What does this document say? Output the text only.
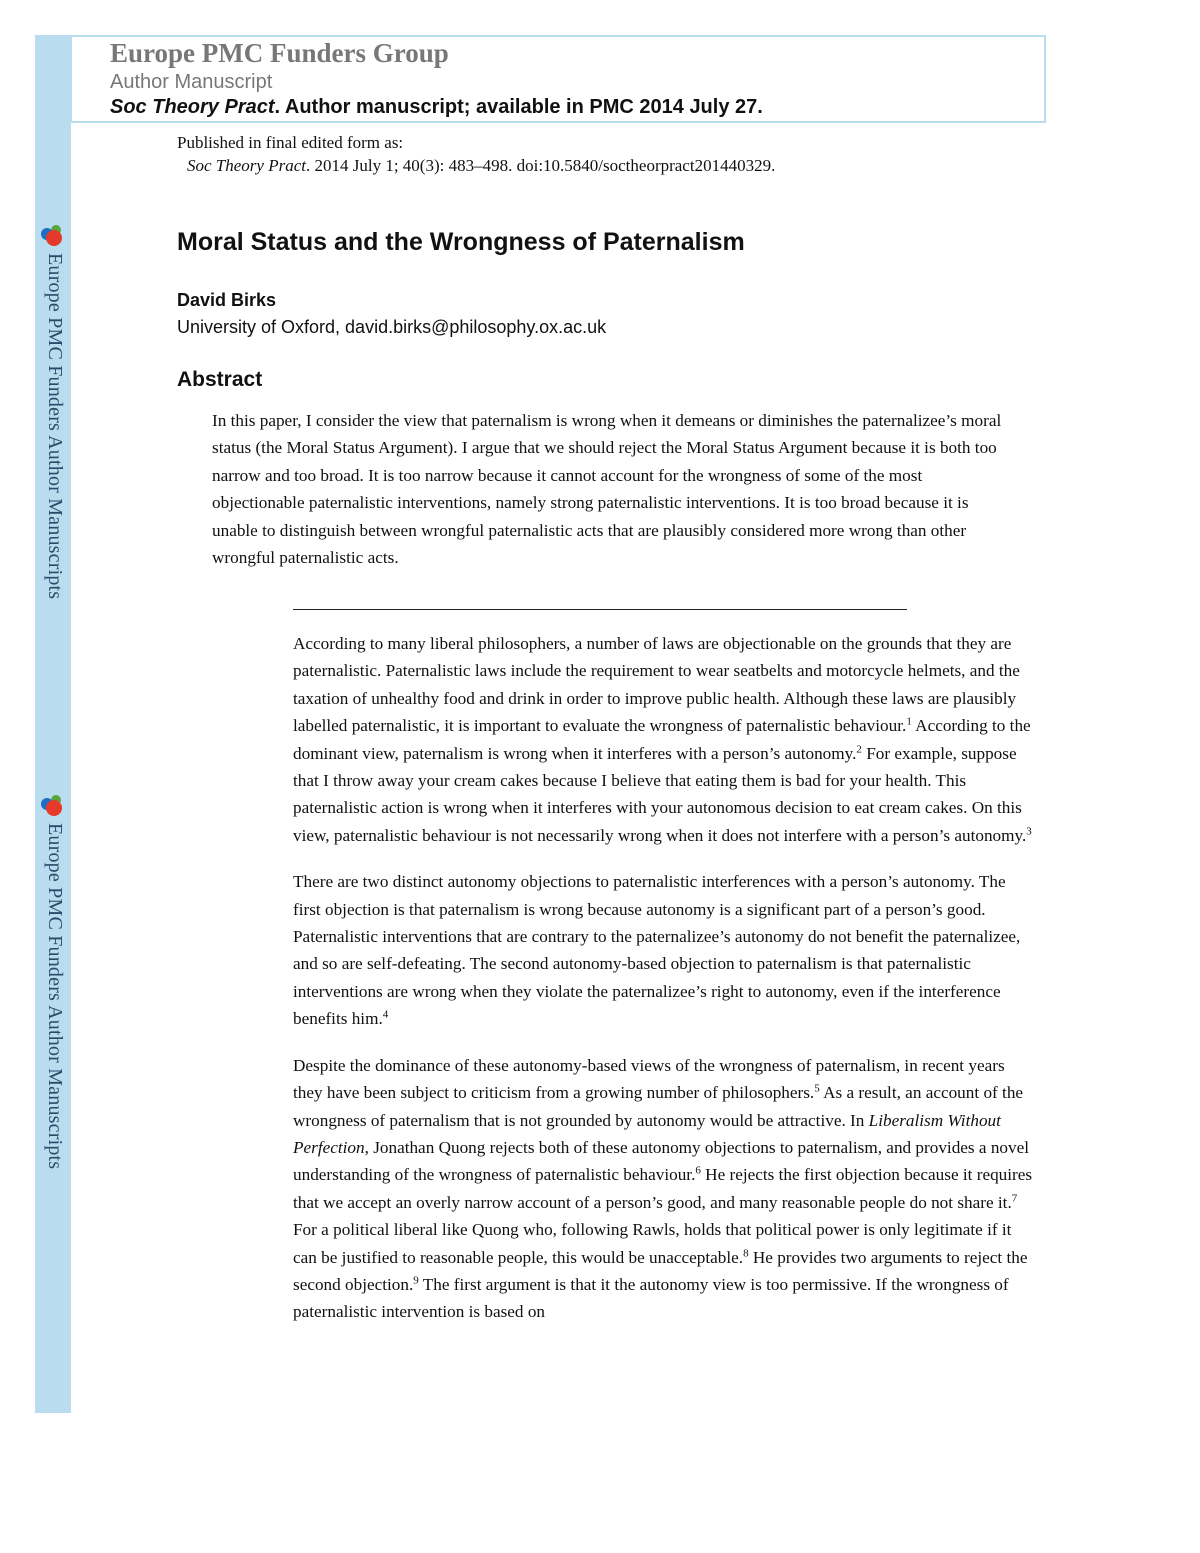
Europe PMC Funders Author Manuscripts
Europe PMC Funders Author Manuscripts
Europe PMC Funders Group
Author Manuscript
Soc Theory Pract. Author manuscript; available in PMC 2014 July 27.
Published in final edited form as:
Soc Theory Pract. 2014 July 1; 40(3): 483–498. doi:10.5840/soctheorpract201440329.
Moral Status and the Wrongness of Paternalism
David Birks
University of Oxford, david.birks@philosophy.ox.ac.uk
Abstract
In this paper, I consider the view that paternalism is wrong when it demeans or diminishes the paternalizee’s moral status (the Moral Status Argument). I argue that we should reject the Moral Status Argument because it is both too narrow and too broad. It is too narrow because it cannot account for the wrongness of some of the most objectionable paternalistic interventions, namely strong paternalistic interventions. It is too broad because it is unable to distinguish between wrongful paternalistic acts that are plausibly considered more wrong than other wrongful paternalistic acts.

According to many liberal philosophers, a number of laws are objectionable on the grounds that they are paternalistic. Paternalistic laws include the requirement to wear seatbelts and motorcycle helmets, and the taxation of unhealthy food and drink in order to improve public health. Although these laws are plausibly labelled paternalistic, it is important to evaluate the wrongness of paternalistic behaviour.$^1$ According to the dominant view, paternalism is wrong when it interferes with a person’s autonomy.$^2$ For example, suppose that I throw away your cream cakes because I believe that eating them is bad for your health. This paternalistic action is wrong when it interferes with your autonomous decision to eat cream cakes. On this view, paternalistic behaviour is not necessarily wrong when it does not interfere with a person’s autonomy.$^3$

There are two distinct autonomy objections to paternalistic interferences with a person’s autonomy. The first objection is that paternalism is wrong because autonomy is a significant part of a person’s good. Paternalistic interventions that are contrary to the paternalizee’s autonomy do not benefit the paternalizee, and so are self-defeating. The second autonomy-based objection to paternalism is that paternalistic interventions are wrong when they violate the paternalizee’s right to autonomy, even if the interference benefits him.$^4$

Despite the dominance of these autonomy-based views of the wrongness of paternalism, in recent years they have been subject to criticism from a growing number of philosophers.$^5$ As a result, an account of the wrongness of paternalism that is not grounded by autonomy would be attractive. In Liberalism Without Perfection, Jonathan Quong rejects both of these autonomy objections to paternalism, and provides a novel understanding of the wrongness of paternalistic behaviour.$^6$ He rejects the first objection because it requires that we accept an overly narrow account of a person’s good, and many reasonable people do not share it.$^7$ For a political liberal like Quong who, following Rawls, holds that political power is only legitimate if it can be justified to reasonable people, this would be unacceptable.$^8$ He provides two arguments to reject the second objection.$^9$ The first argument is that it the autonomy view is too permissive. If the wrongness of paternalistic intervention is based on
